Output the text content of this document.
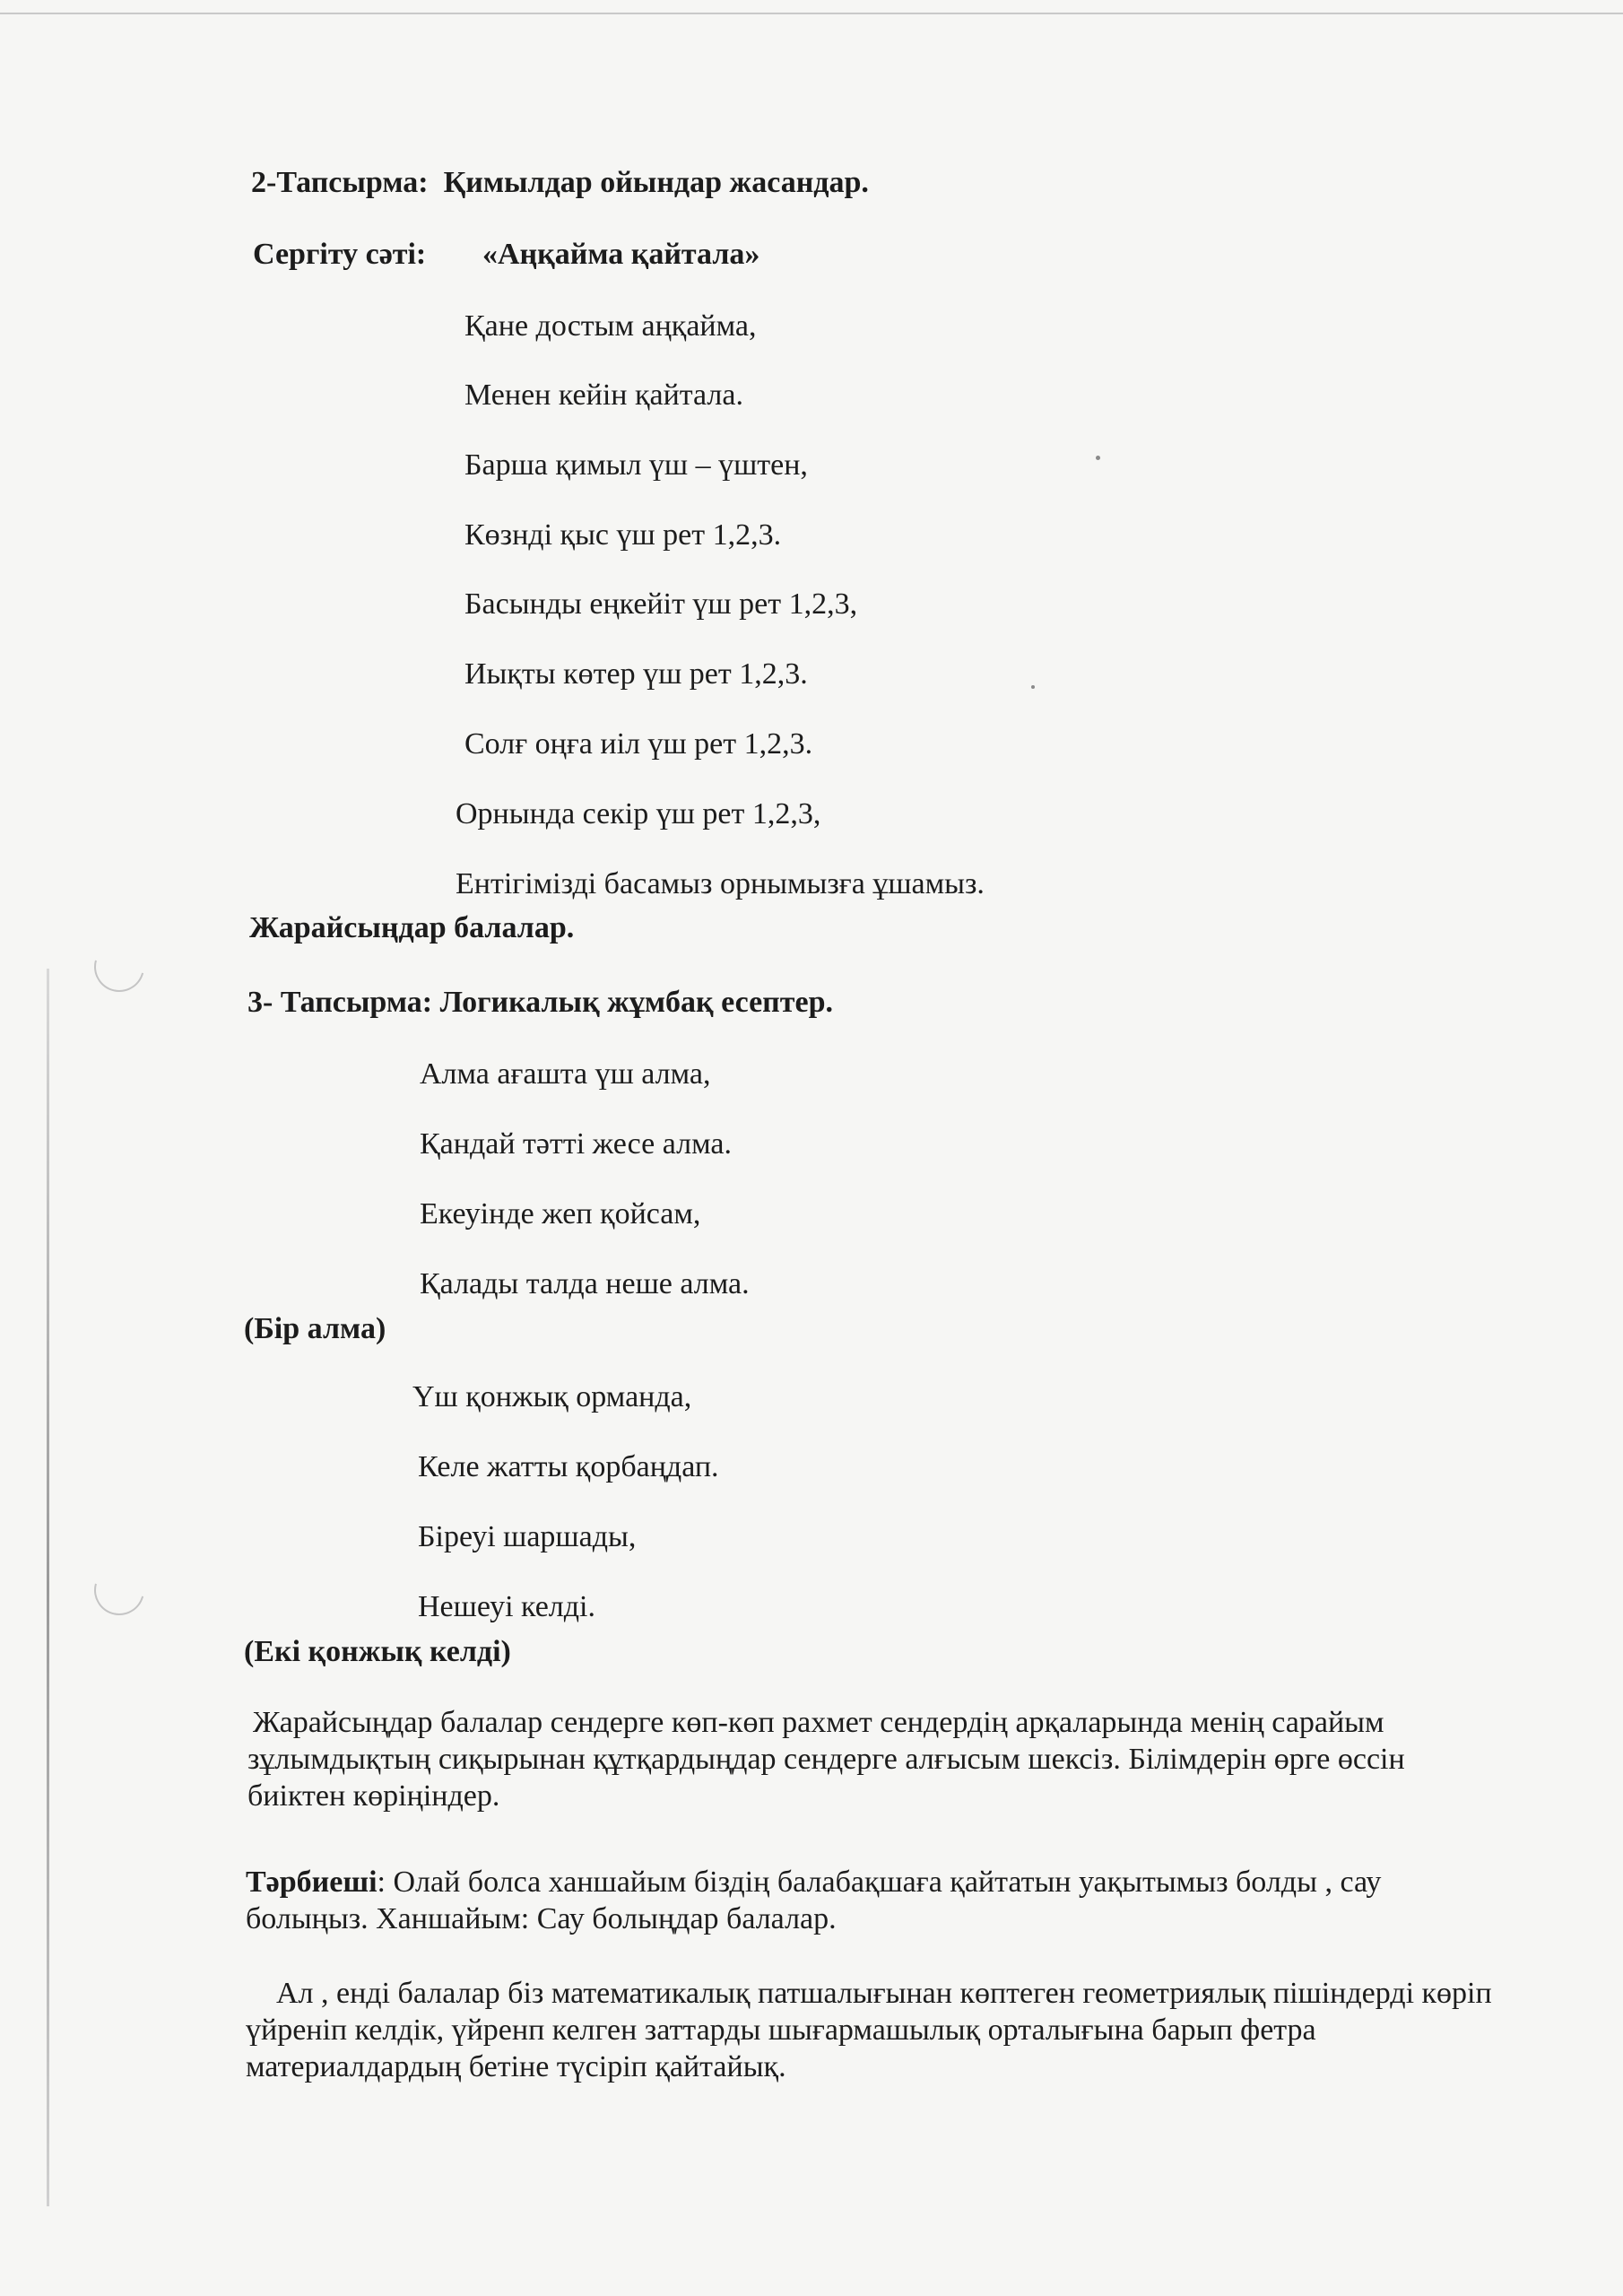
2-Тапсырма: Қимылдар ойындар жасандар.
Сергіту сәті: «Аңқайма қайтала»
Қане достым аңқайма,
Менен кейін қайтала.
Барша қимыл үш – үштен,
Көзнді қыс үш рет 1,2,3.
Басынды еңкейіт үш рет 1,2,3,
Иықты көтер үш рет 1,2,3.
Солғ оңға иіл үш рет 1,2,3.
Орнында секір үш рет 1,2,3,
Ентігімізді басамыз орнымызға ұшамыз.
Жарайсыңдар балалар.
3- Тапсырма: Логикалық жұмбақ есептер.
Алма ағашта үш алма,
Қандай тәтті жесе алма.
Екеуінде жеп қойсам,
Қалады талда неше алма.
(Бір алма)
Үш қонжық орманда,
Келе жатты қорбаңдап.
Біреуі шаршады,
Нешеуі келді.
(Екі қонжық келді)
Жарайсыңдар балалар сендерге көп-көп рахмет сендердің арқаларында менің сарайым зұлымдықтың сиқырынан құтқардыңдар сендерге алғысым шексіз. Білімдерін өрге өссін биіктен көріңіндер.
Тәрбиеші: Олай болса ханшайым біздің балабақшаға қайтатын уақытымыз болды , сау болыңыз. Ханшайым: Сау болыңдар балалар.
Ал , енді балалар біз математикалық патшалығынан көптеген геометриялық пішіндерді көріп үйреніп келдік, үйренп келген заттарды шығармашылық орталығына барып фетра материалдардың бетіне түсіріп қайтайық.
